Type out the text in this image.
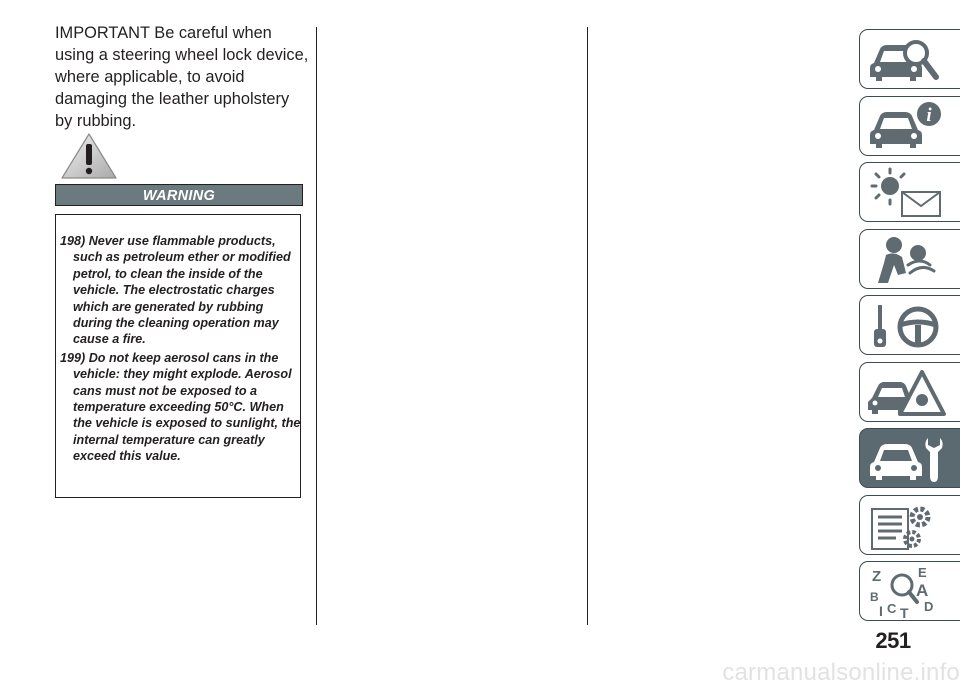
IMPORTANT Be careful when using a steering wheel lock device, where applicable, to avoid damaging the leather upholstery by rubbing.

WARNING
198) Never use flammable products, such as petroleum ether or modified petrol, to clean the inside of the vehicle. The electrostatic charges which are generated by rubbing during the cleaning operation may cause a fire.
199) Do not keep aerosol cans in the vehicle: they might explode. Aerosol cans must not be exposed to a temperature exceeding 50°C. When the vehicle is exposed to sunlight, the internal temperature can greatly exceed this value.
i
Z	E
B A
C D
I T
251
carmanualsonline.info
